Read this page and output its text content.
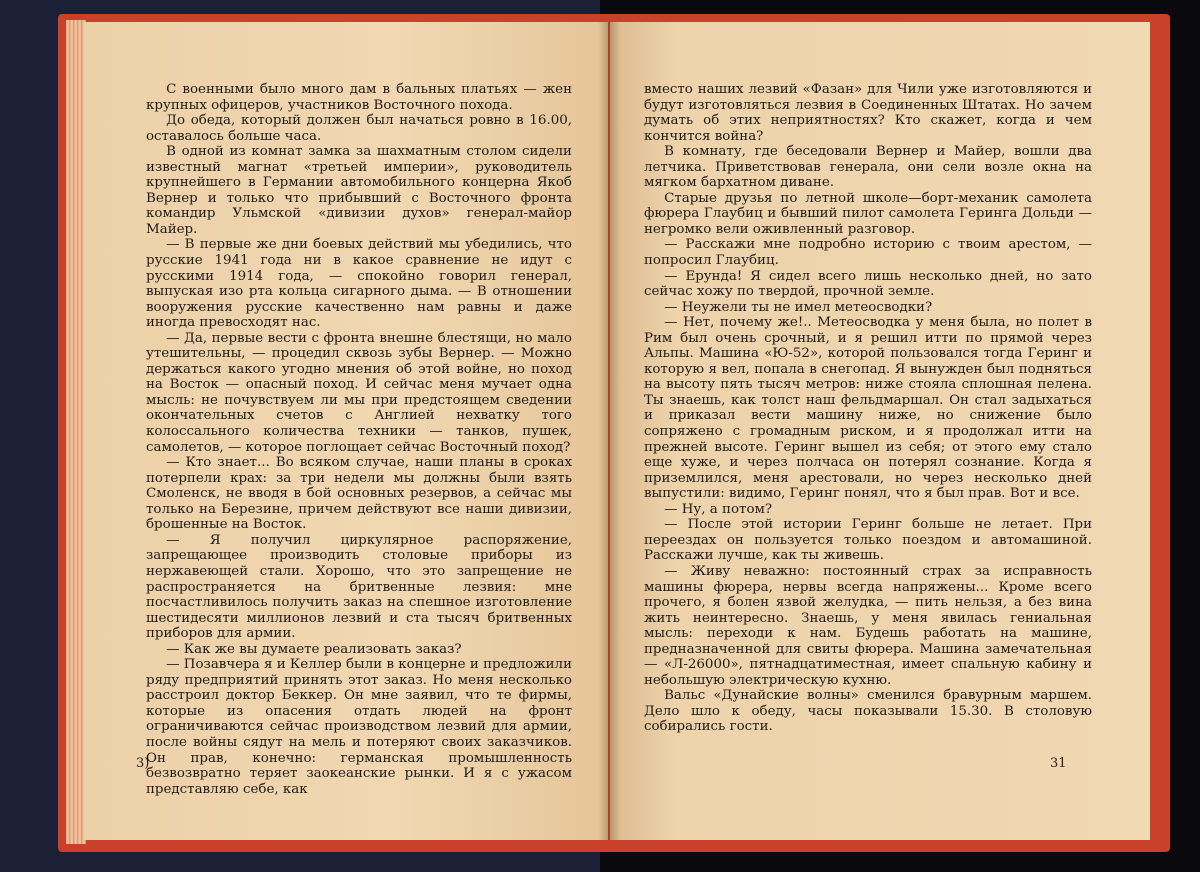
С военными было много дам в бальных платьях — жен крупных офицеров, участников Восточного похода.

До обеда, который должен был начаться ровно в 16.00, оставалось больше часа.

В одной из комнат замка за шахматным столом сидели известный магнат «третьей империи», руководитель крупнейшего в Германии автомобильного концерна Якоб Вернер и только что прибывший с Восточного фронта командир Ульмской «дивизии духов» генерал-майор Майер.

— В первые же дни боевых действий мы убедились, что русские 1941 года ни в какое сравнение не идут с русскими 1914 года, — спокойно говорил генерал, выпуская изо рта кольца сигарного дыма. — В отношении вооружения русские качественно нам равны и даже иногда превосходят нас.

— Да, первые вести с фронта внешне блестящи, но мало утешительны, — процедил сквозь зубы Вернер. — Можно держаться какого угодно мнения об этой войне, но поход на Восток — опасный поход. И сейчас меня мучает одна мысль: не почувствуем ли мы при предстоящем сведении окончательных счетов с Англией нехватку того колоссального количества техники — танков, пушек, самолетов, — которое поглощает сейчас Восточный поход?

— Кто знает... Во всяком случае, наши планы в сроках потерпели крах: за три недели мы должны были взять Смоленск, не вводя в бой основных резервов, а сейчас мы только на Березине, причем действуют все наши дивизии, брошенные на Восток.

— Я получил циркулярное распоряжение, запрещающее производить столовые приборы из нержавеющей стали. Хорошо, что это запрещение не распространяется на бритвенные лезвия: мне посчастливилось получить заказ на спешное изготовление шестидесяти миллионов лезвий и ста тысяч бритвенных приборов для армии.

— Как же вы думаете реализовать заказ?

— Позавчера я и Келлер были в концерне и предложили ряду предприятий принять этот заказ. Но меня несколько расстроил доктор Беккер. Он мне заявил, что те фирмы, которые из опасения отдать людей на фронт ограничиваются сейчас производством лезвий для армии, после войны сядут на мель и потеряют своих заказчиков. Он прав, конечно: германская промышленность безвозвратно теряет заокеанские рынки. И я с ужасом представляю себе, как

вместо наших лезвий «Фазан» для Чили уже изготовляются и будут изготовляться лезвия в Соединенных Штатах. Но зачем думать об этих неприятностях? Кто скажет, когда и чем кончится война?

В комнату, где беседовали Вернер и Майер, вошли два летчика. Приветствовав генерала, они сели возле окна на мягком бархатном диване.

Старые друзья по летной школе—борт-механик самолета фюрера Глаубиц и бывший пилот самолета Геринга Дольди — негромко вели оживленный разговор.

— Расскажи мне подробно историю с твоим арестом, — попросил Глаубиц.

— Ерунда! Я сидел всего лишь несколько дней, но зато сейчас хожу по твердой, прочной земле.

— Неужели ты не имел метеосводки?

— Нет, почему же!.. Метеосводка у меня была, но полет в Рим был очень срочный, и я решил итти по прямой через Альпы. Машина «Ю-52», которой пользовался тогда Геринг и которую я вел, попала в снегопад. Я вынужден был подняться на высоту пять тысяч метров: ниже стояла сплошная пелена. Ты знаешь, как толст наш фельдмаршал. Он стал задыхаться и приказал вести машину ниже, но снижение было сопряжено с громадным риском, и я продолжал итти на прежней высоте. Геринг вышел из себя; от этого ему стало еще хуже, и через полчаса он потерял сознание. Когда я приземлился, меня арестовали, но через несколько дней выпустили: видимо, Геринг понял, что я был прав. Вот и все.

— Ну, а потом?

— После этой истории Геринг больше не летает. При переездах он пользуется только поездом и автомашиной. Расскажи лучше, как ты живешь.

— Живу неважно: постоянный страх за исправность машины фюрера, нервы всегда напряжены... Кроме всего прочего, я болен язвой желудка, — пить нельзя, а без вина жить неинтересно. Знаешь, у меня явилась гениальная мысль: переходи к нам. Будешь работать на машине, предназначенной для свиты фюрера. Машина замечательная — «Л-26000», пятнадцатиместная, имеет спальную кабину и небольшую электрическую кухню.

Вальс «Дунайские волны» сменился бравурным маршем. Дело шло к обеду, часы показывали 15.30. В столовую собирались гости.

3)	31
